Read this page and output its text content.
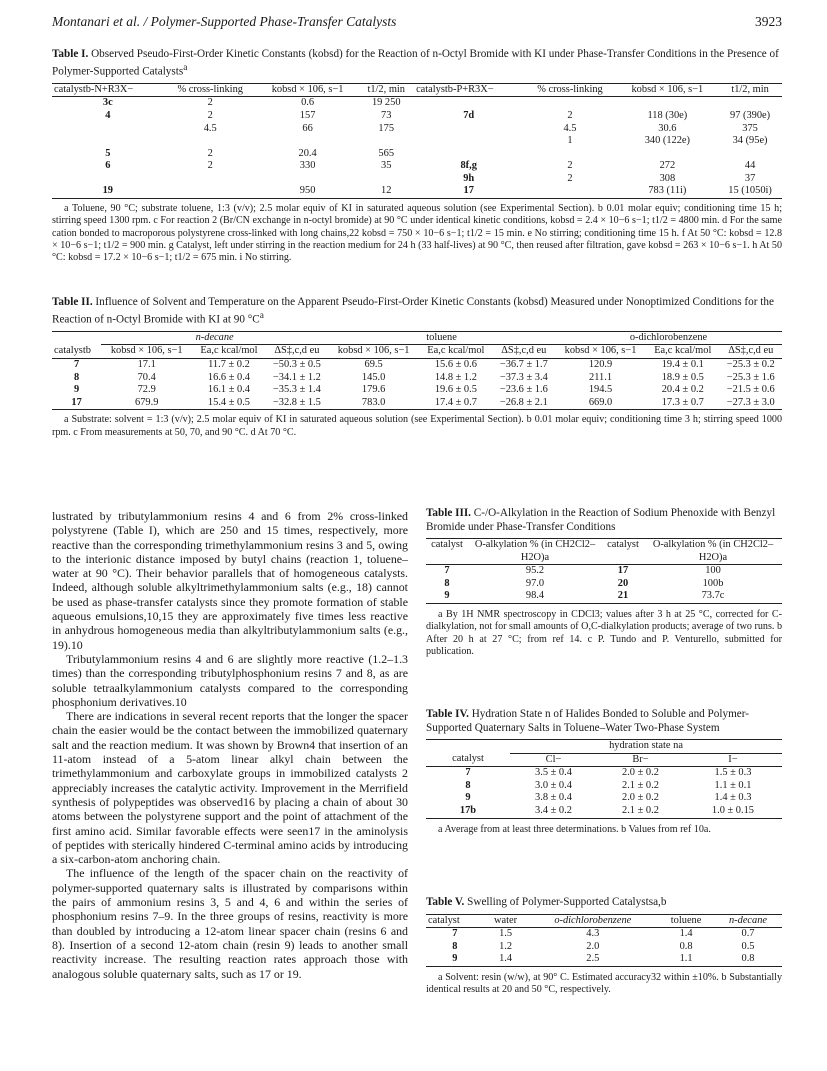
Montanari et al. / Polymer-Supported Phase-Transfer Catalysts	3923
Table I. Observed Pseudo-First-Order Kinetic Constants (kobsd) for the Reaction of n-Octyl Bromide with KI under Phase-Transfer Conditions in the Presence of Polymer-Supported Catalysts$^a$
catalystb-N+R3X−	% cross-linking	kobsd × 106, s−1	t1/2, min	catalystb-P+R3X−	% cross-linking	kobsd × 106, s−1	t1/2, min
3c	2	0.6	19 250				
4	2	157	73	7d	2	118 (30e)	97 (390e)
	4.5	66	175		4.5	30.6	375
					1	340 (122e)	34 (95e)
5	2	20.4	565				
6	2	330	35	8f,g	2	272	44
				9h	2	308	37
19		950	12	17		783 (11i)	15 (1050i)
a Toluene, 90 °C; substrate toluene, 1:3 (v/v); 2.5 molar equiv of KI in saturated aqueous solution (see Experimental Section). b 0.01 molar equiv; conditioning time 15 h; stirring speed 1300 rpm. c For reaction 2 (Br/CN exchange in n-octyl bromide) at 90 °C under identical kinetic conditions, kobsd = 2.4 × 10−6 s−1; t1/2 = 4800 min. d For the same cation bonded to macroporous polystyrene cross-linked with long chains,22 kobsd = 750 × 10−6 s−1; t1/2 = 15 min. e No stirring; conditioning time 15 h. f At 50 °C: kobsd = 12.8 × 10−6 s−1; t1/2 = 900 min. g Catalyst, left under stirring in the reaction medium for 24 h (33 half-lives) at 90 °C, then reused after filtration, gave kobsd = 263 × 10−6 s−1. h At 50 °C: kobsd = 17.2 × 10−6 s−1; t1/2 = 675 min. i No stirring.
Table II. Influence of Solvent and Temperature on the Apparent Pseudo-First-Order Kinetic Constants (kobsd) Measured under Nonoptimized Conditions for the Reaction of n-Octyl Bromide with KI at 90 $^\circ C^a$
	n-decane			toluene			o-dichlorobenzene		
catalystb	kobsd × 106, s−1	Ea,c kcal/mol	ΔS‡,c,d eu	kobsd × 106, s−1	Ea,c kcal/mol	ΔS‡,c,d eu	kobsd × 106, s−1	Ea,c kcal/mol	ΔS‡,c,d eu
7	17.1	11.7 ± 0.2	−50.3 ± 0.5	69.5	15.6 ± 0.6	−36.7 ± 1.7	120.9	19.4 ± 0.1	−25.3 ± 0.2
8	70.4	16.6 ± 0.4	−34.1 ± 1.2	145.0	14.8 ± 1.2	−37.3 ± 3.4	211.1	18.9 ± 0.5	−25.3 ± 1.6
9	72.9	16.1 ± 0.4	−35.3 ± 1.4	179.6	19.6 ± 0.5	−23.6 ± 1.6	194.5	20.4 ± 0.2	−21.5 ± 0.6
17	679.9	15.4 ± 0.5	−32.8 ± 1.5	783.0	17.4 ± 0.7	−26.8 ± 2.1	669.0	17.3 ± 0.7	−27.3 ± 3.0
a Substrate: solvent = 1:3 (v/v); 2.5 molar equiv of KI in saturated aqueous solution (see Experimental Section). b 0.01 molar equiv; conditioning time 3 h; stirring speed 1000 rpm. c From measurements at 50, 70, and 90 °C. d At 70 °C.

lustrated by tributylammonium resins 4 and 6 from 2% cross-linked polystyrene (Table I), which are 250 and 15 times, respectively, more reactive than the corresponding trimethylammonium resins 3 and 5, owing to the interionic distance imposed by butyl chains (reaction 1, toluene–water at 90 °C). Their behavior parallels that of homogeneous catalysts. Indeed, although soluble alkyltrimethylammonium salts (e.g., 18) cannot be used as phase-transfer catalysts since they promote formation of stable aqueous emulsions,10,15 they are approximately five times less reactive in anhydrous homogeneous media than alkyltributylammonium salts (e.g., 19).10

Tributylammonium resins 4 and 6 are slightly more reactive (1.2–1.3 times) than the corresponding tributylphosphonium resins 7 and 8, as are soluble tetraalkylammonium catalysts compared to the corresponding phosphonium derivatives.10

There are indications in several recent reports that the longer the spacer chain the easier would be the contact between the immobilized quaternary salt and the reaction medium. It was shown by Brown4 that insertion of an 11-atom instead of a 5-atom linear alkyl chain between the trimethylammonium and carboxylate groups in immobilized catalysts 2 appreciably increases the catalytic activity. Improvement in the Merrifield synthesis of polypeptides was observed16 by placing a chain of about 30 atoms between the polystyrene support and the point of attachment of the first amino acid. Similar favorable effects were seen17 in the aminolysis of peptides with sterically hindered C-terminal amino acids by introducing a six-carbon-atom anchoring chain.

The influence of the length of the spacer chain on the reactivity of polymer-supported quaternary salts is illustrated by comparisons within the pairs of ammonium resins 3, 5 and 4, 6 and within the series of phosphonium resins 7–9. In the three groups of resins, reactivity is more than doubled by introducing a 12-atom linear spacer chain (resins 6 and 8). Insertion of a second 12-atom chain (resin 9) leads to another small reactivity increase. The resulting reaction rates approach those with analogous soluble quaternary salts, such as 17 or 19.

Table III. C-/O-Alkylation in the Reaction of Sodium Phenoxide with Benzyl Bromide under Phase-Transfer Conditions
catalyst	O-alkylation % (in CH2Cl2–H2O)a	catalyst	O-alkylation % (in CH2Cl2–H2O)a
7	95.2	17	100
8	97.0	20	100b
9	98.4	21	73.7c
a By 1H NMR spectroscopy in CDCl3; values after 3 h at 25 °C, corrected for C-dialkylation, not for small amounts of O,C-dialkylation products; average of two runs. b After 20 h at 27 °C; from ref 14. c P. Tundo and P. Venturello, submitted for publication.
Table IV. Hydration State n of Halides Bonded to Soluble and Polymer-Supported Quaternary Salts in Toluene–Water Two-Phase System
	hydration state na		
catalyst	Cl−	Br−	I−
7	3.5 ± 0.4	2.0 ± 0.2	1.5 ± 0.3
8	3.0 ± 0.4	2.1 ± 0.2	1.1 ± 0.1
9	3.8 ± 0.4	2.0 ± 0.2	1.4 ± 0.3
17b	3.4 ± 0.2	2.1 ± 0.2	1.0 ± 0.15
a Average from at least three determinations. b Values from ref 10a.
Table V. Swelling of Polymer-Supported Catalystsa,b
catalyst	water	o-dichlorobenzene	toluene	n-decane
7	1.5	4.3	1.4	0.7
8	1.2	2.0	0.8	0.5
9	1.4	2.5	1.1	0.8
a Solvent: resin (w/w), at 90° C. Estimated accuracy32 within ±10%. b Substantially identical results at 20 and 50 °C, respectively.
